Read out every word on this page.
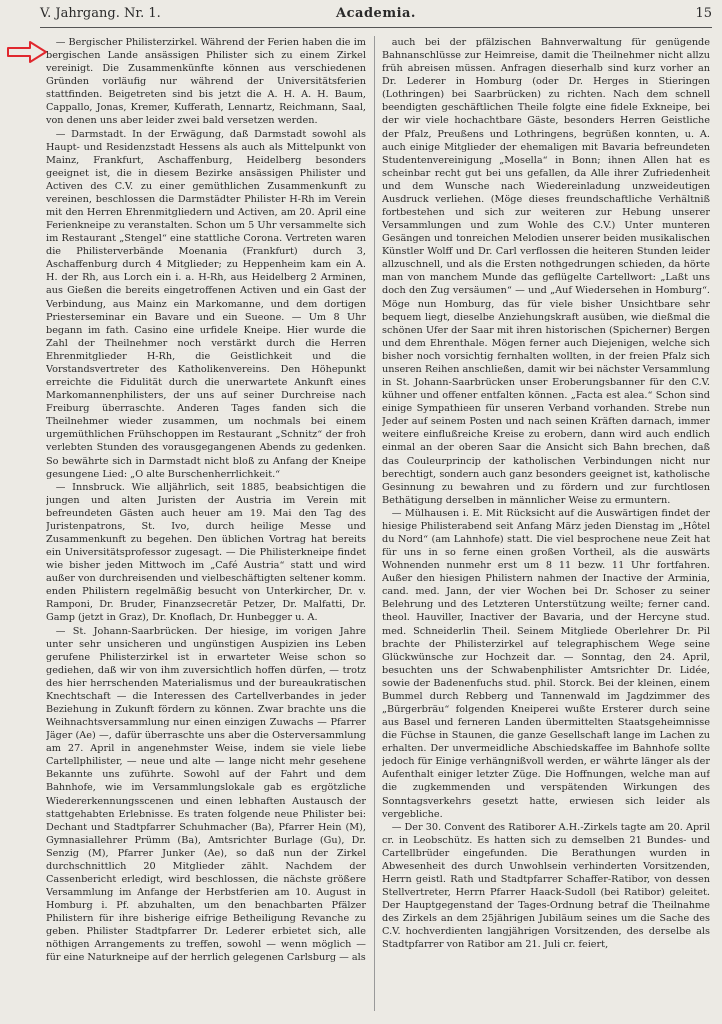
V. Jahrgang. Nr. 1.	Academia.	15

— Bergischer Philisterzirkel. Während der Ferien haben die im bergischen Lande ansässigen Philister sich zu einem Zirkel vereinigt. Die Zusammenkünfte können aus verschiedenen Gründen vorläufig nur während der Universitätsferien stattfinden. Beigetreten sind bis jetzt die A. H. A. H. Baum, Cappallo, Jonas, Kremer, Kufferath, Lennartz, Reichmann, Saal, von denen uns aber leider zwei bald versetzen werden.

— Darmstadt. In der Erwägung, daß Darmstadt sowohl als Haupt- und Residenzstadt Hessens als auch als Mittelpunkt von Mainz, Frankfurt, Aschaffenburg, Heidelberg besonders geeignet ist, die in diesem Bezirke ansässigen Philister und Activen des C.V. zu einer gemüthlichen Zusammenkunft zu vereinen, beschlossen die Darmstädter Philister H-Rh im Verein mit den Herren Ehrenmitgliedern und Activen, am 20. April eine Ferienkneipe zu veranstalten. Schon um 5 Uhr versammelte sich im Restaurant „Stengel“ eine stattliche Corona. Vertreten waren die Philisterverbände Moenania (Frankfurt) durch 3, Aschaffenburg durch 4 Mitglieder; zu Heppenheim kam ein A. H. der Rh, aus Lorch ein i. a. H-Rh, aus Heidelberg 2 Arminen, aus Gießen die bereits eingetroffenen Activen und ein Gast der Verbindung, aus Mainz ein Markomanne, und dem dortigen Priesterseminar ein Bavare und ein Sueone. — Um 8 Uhr begann im fath. Casino eine urfidele Kneipe. Hier wurde die Zahl der Theilnehmer noch verstärkt durch die Herren Ehrenmitglieder H-Rh, die Geistlichkeit und die Vorstandsvertreter des Katholikenvereins. Den Höhepunkt erreichte die Fidulität durch die unerwartete Ankunft eines Markomannenphilisters, der uns auf seiner Durchreise nach Freiburg überraschte. Anderen Tages fanden sich die Theilnehmer wieder zusammen, um nochmals bei einem urgemüthlichen Frühschoppen im Restaurant „Schnitz“ der froh verlebten Stunden des vorausgegangenen Abends zu gedenken. So bewährte sich in Darmstadt nicht bloß zu Anfang der Kneipe gesungene Lied: „O alte Burschenherrlichkeit.“

— Innsbruck. Wie alljährlich, seit 1885, beabsichtigen die jungen und alten Juristen der Austria im Verein mit befreundeten Gästen auch heuer am 19. Mai den Tag des Juristenpatrons, St. Ivo, durch heilige Messe und Zusammenkunft zu begehen. Den üblichen Vortrag hat bereits ein Universitätsprofessor zugesagt. — Die Philisterkneipe findet wie bisher jeden Mittwoch im „Café Austria“ statt und wird außer von durchreisenden und vielbeschäftigten seltener komm. enden Philistern regelmäßig besucht von Unterkircher, Dr. v. Ramponi, Dr. Bruder, Finanzsecretär Petzer, Dr. Malfatti, Dr. Gamp (jetzt in Graz), Dr. Knoflach, Dr. Hunbegger u. A.

— St. Johann-Saarbrücken. Der hiesige, im vorigen Jahre unter sehr unsicheren und ungünstigen Auspizien ins Leben gerufene Philisterzirkel ist in erwarteter Weise schon so gediehen, daß wir von ihm zuversichtlich hoffen dürfen, — trotz des hier herrschenden Materialismus und der bureaukratischen Knechtschaft — die Interessen des Cartellverbandes in jeder Beziehung in Zukunft fördern zu können. Zwar brachte uns die Weihnachtsversammlung nur einen einzigen Zuwachs — Pfarrer Jäger (Ae) —, dafür überraschte uns aber die Osterversammlung am 27. April in angenehmster Weise, indem sie viele liebe Cartellphilister, — neue und alte — lange nicht mehr gesehene Bekannte uns zuführte. Sowohl auf der Fahrt und dem Bahnhofe, wie im Versammlungslokale gab es ergötzliche Wiedererkennungsscenen und einen lebhaften Austausch der stattgehabten Erlebnisse. Es traten folgende neue Philister bei: Dechant und Stadtpfarrer Schuhmacher (Ba), Pfarrer Hein (M), Gymnasiallehrer Prümm (Ba), Amtsrichter Burlage (Gu), Dr. Senzig (M), Pfarrer Junker (Ae), so daß nun der Zirkel durchschnittlich 20 Mitglieder zählt. Nachdem der Cassenbericht erledigt, wird beschlossen, die nächste größere Versammlung im Anfange der Herbstferien am 10. August in Homburg i. Pf. abzuhalten, um den benachbarten Pfälzer Philistern für ihre bisherige eifrige Betheiligung Revanche zu geben. Philister Stadtpfarrer Dr. Lederer erbietet sich, alle nöthigen Arrangements zu treffen, sowohl — wenn möglich — für eine Naturkneipe auf der herrlich gelegenen Carlsburg — als

auch bei der pfälzischen Bahnverwaltung für genügende Bahnanschlüsse zur Heimreise, damit die Theilnehmer nicht allzu früh abreisen müssen. Anfragen dieserhalb sind kurz vorher an Dr. Lederer in Homburg (oder Dr. Herges in Stieringen (Lothringen) bei Saarbrücken) zu richten. Nach dem schnell beendigten geschäftlichen Theile folgte eine fidele Exkneipe, bei der wir viele hochachtbare Gäste, besonders Herren Geistliche der Pfalz, Preußens und Lothringens, begrüßen konnten, u. A. auch einige Mitglieder der ehemaligen mit Bavaria befreundeten Studentenvereinigung „Mosella“ in Bonn; ihnen Allen hat es scheinbar recht gut bei uns gefallen, da Alle ihrer Zufriedenheit und dem Wunsche nach Wiedereinladung unzweideutigen Ausdruck verliehen. (Möge dieses freundschaftliche Verhältniß fortbestehen und sich zur weiteren zur Hebung unserer Versammlungen und zum Wohle des C.V.) Unter munteren Gesängen und tonreichen Melodien unserer beiden musikalischen Künstler Wolff und Dr. Carl verflossen die heiteren Stunden leider allzuschnell, und als die Ersten nothgedrungen schieden, da hörte man von manchem Munde das geflügelte Cartellwort: „Laßt uns doch den Zug versäumen“ — und „Auf Wiedersehen in Homburg“. Möge nun Homburg, das für viele bisher Unsichtbare sehr bequem liegt, dieselbe Anziehungskraft ausüben, wie dießmal die schönen Ufer der Saar mit ihren historischen (Spicherner) Bergen und dem Ehrenthale. Mögen ferner auch Diejenigen, welche sich bisher noch vorsichtig fernhalten wollten, in der freien Pfalz sich unseren Reihen anschließen, damit wir bei nächster Versammlung in St. Johann-Saarbrücken unser Eroberungsbanner für den C.V. kühner und offener entfalten können. „Facta est alea.“ Schon sind einige Sympathieen für unseren Verband vorhanden. Strebe nun Jeder auf seinem Posten und nach seinen Kräften darnach, immer weitere einflußreiche Kreise zu erobern, dann wird auch endlich einmal an der oberen Saar die Ansicht sich Bahn brechen, daß das Couleurprincip der katholischen Verbindungen nicht nur berechtigt, sondern auch ganz besonders geeignet ist, katholische Gesinnung zu bewahren und zu fördern und zur furchtlosen Bethätigung derselben in männlicher Weise zu ermuntern.

— Mülhausen i. E. Mit Rücksicht auf die Auswärtigen findet der hiesige Philisterabend seit Anfang März jeden Dienstag im „Hôtel du Nord“ (am Lahnhofe) statt. Die viel besprochene neue Zeit hat für uns in so ferne einen großen Vortheil, als die auswärts Wohnenden nunmehr erst um 8 11 bezw. 11 Uhr fortfahren. Außer den hiesigen Philistern nahmen der Inactive der Arminia, cand. med. Jann, der vier Wochen bei Dr. Schoser zu seiner Belehrung und des Letzteren Unterstützung weilte; ferner cand. theol. Hauviller, Inactiver der Bavaria, und der Hercyne stud. med. Schneiderlin Theil. Seinem Mitgliede Oberlehrer Dr. Pil brachte der Philisterzirkel auf telegraphischem Wege seine Glückwünsche zur Hochzeit dar. — Sonntag, den 24. April, besuchten uns der Schwabenphilister Amtsrichter Dr. Lidée, sowie der Badenenfuchs stud. phil. Storck. Bei der kleinen, einem Bummel durch Rebberg und Tannenwald im Jagdzimmer des „Bürgerbräu“ folgenden Kneiperei wußte Ersterer durch seine aus Basel und ferneren Landen übermittelten Staatsgeheimnisse die Füchse in Staunen, die ganze Gesellschaft lange im Lachen zu erhalten. Der unvermeidliche Abschiedskaffee im Bahnhofe sollte jedoch für Einige verhängnißvoll werden, er währte länger als der Aufenthalt einiger letzter Züge. Die Hoffnungen, welche man auf die zugkemmenden und verspätenden Wirkungen des Sonntagsverkehrs gesetzt hatte, erwiesen sich leider als vergebliche.

— Der 30. Convent des Ratiborer A.H.-Zirkels tagte am 20. April cr. in Leobschütz. Es hatten sich zu demselben 21 Bundes- und Cartellbrüder eingefunden. Die Berathungen wurden in Abwesenheit des durch Unwohlsein verhinderten Vorsitzenden, Herrn geistl. Rath und Stadtpfarrer Schaffer-Ratibor, von dessen Stellvertreter, Herrn Pfarrer Haack-Sudoll (bei Ratibor) geleitet. Der Hauptgegenstand der Tages-Ordnung betraf die Theilnahme des Zirkels an dem 25jährigen Jubiläum seines um die Sache des C.V. hochverdienten langjährigen Vorsitzenden, des derselbe als Stadtpfarrer von Ratibor am 21. Juli cr. feiert,
